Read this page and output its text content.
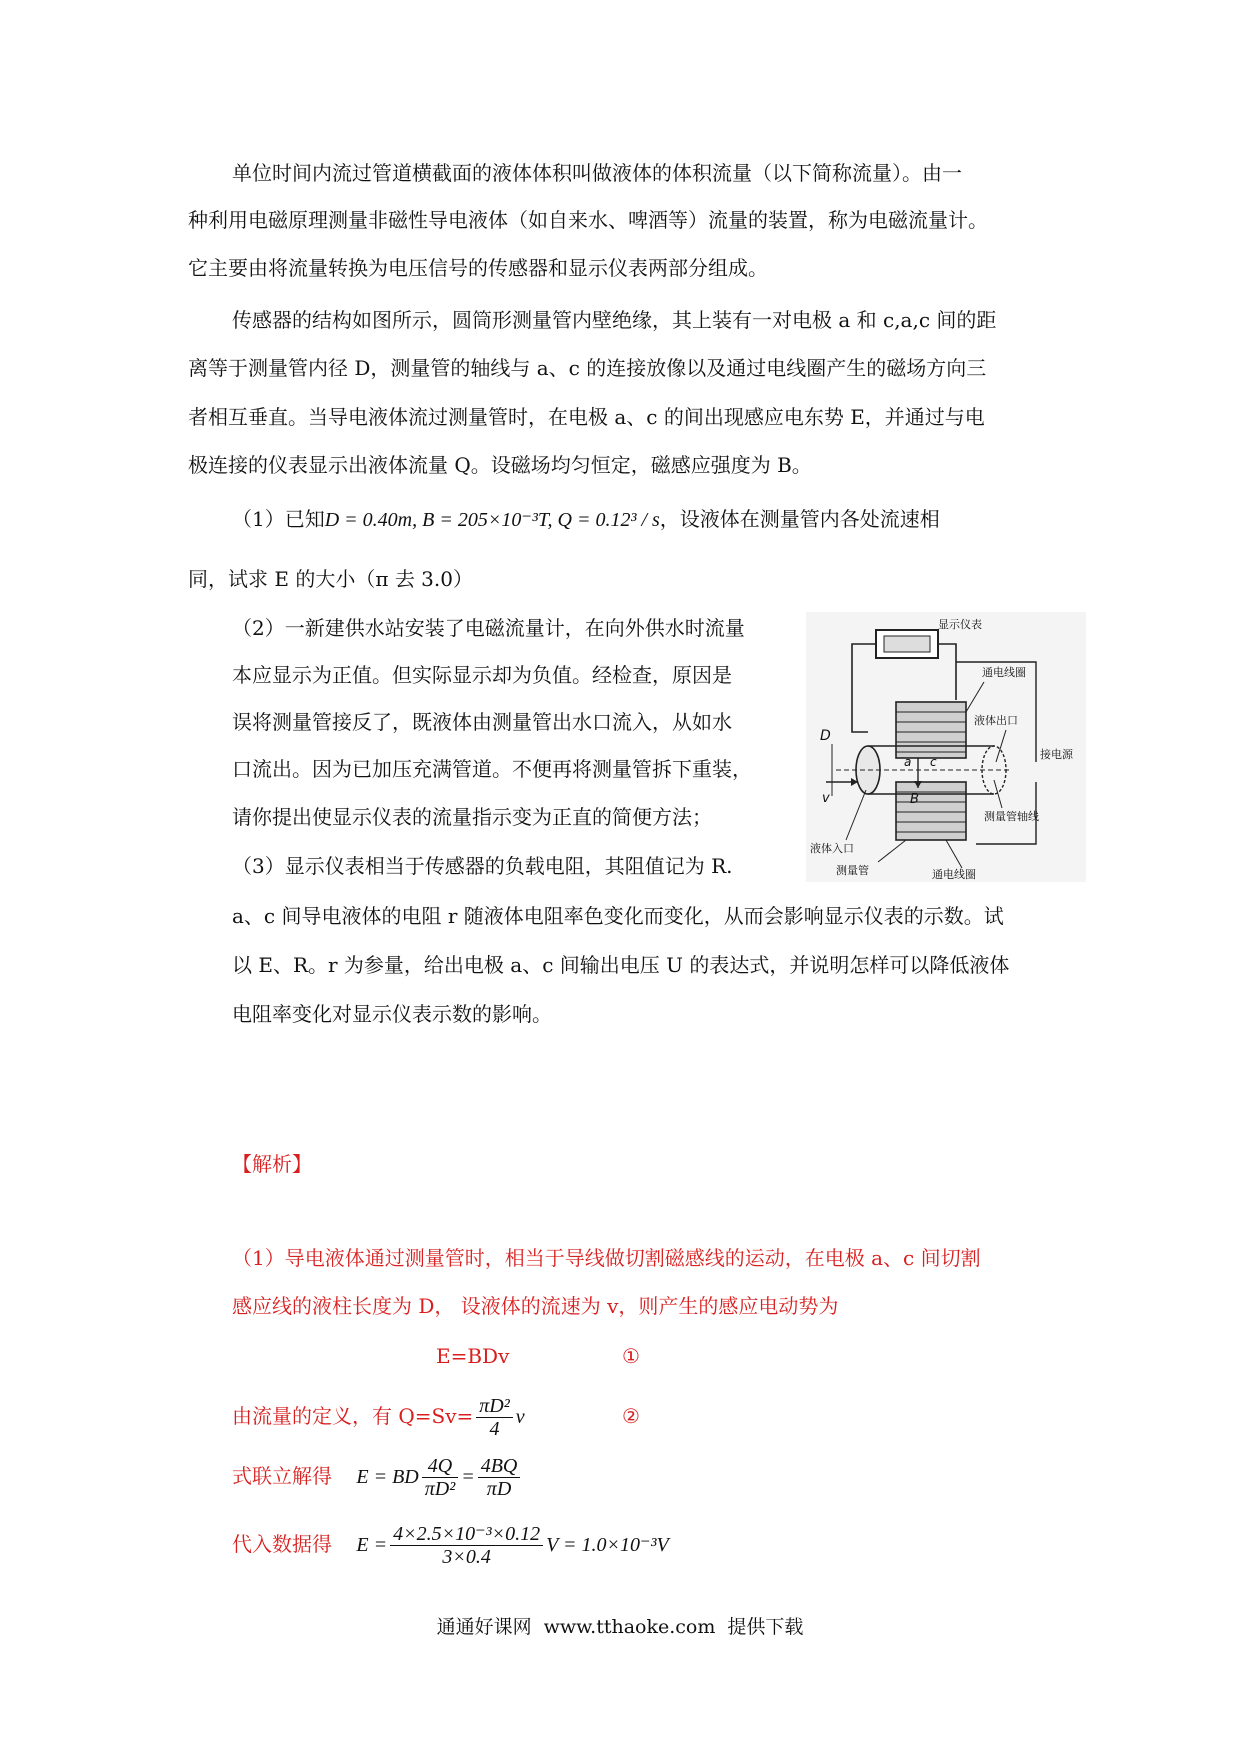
单位时间内流过管道横截面的液体体积叫做液体的体积流量（以下简称流量）。由一
种利用电磁原理测量非磁性导电液体（如自来水、啤酒等）流量的装置，称为电磁流量计。
它主要由将流量转换为电压信号的传感器和显示仪表两部分组成。
传感器的结构如图所示，圆筒形测量管内壁绝缘，其上装有一对电极 a 和 c,a,c 间的距
离等于测量管内径 D，测量管的轴线与 a、c 的连接放像以及通过电线圈产生的磁场方向三
者相互垂直。当导电液体流过测量管时，在电极 a、c 的间出现感应电东势 E，并通过与电
极连接的仪表显示出液体流量 Q。设磁场均匀恒定，磁感应强度为 B。
（1）已知D = 0.40m, B = 205×10⁻³T, Q = 0.12³ / s，设液体在测量管内各处流速相
同，试求 E 的大小（π 去 3.0）
（2）一新建供水站安装了电磁流量计，在向外供水时流量
本应显示为正值。但实际显示却为负值。经检查，原因是
误将测量管接反了，既液体由测量管出水口流入，从如水
口流出。因为已加压充满管道。不便再将测量管拆下重装，
请你提出使显示仪表的流量指示变为正直的简便方法；
（3）显示仪表相当于传感器的负载电阻，其阻值记为 R.
a、c 间导电液体的电阻 r 随液体电阻率色变化而变化，从而会影响显示仪表的示数。试
以 E、R。r 为参量，给出电极 a、c 间输出电压 U 的表达式，并说明怎样可以降低液体
电阻率变化对显示仪表示数的影响。
显示仪表
D
v	B
a c
通电线圈
液体出口
接电源
测量管轴线
液体入口
测量管	通电线圈
【解析】
（1）导电液体通过测量管时，相当于导线做切割磁感线的运动，在电极 a、c 间切割
感应线的液柱长度为 D， 设液体的流速为 v，则产生的感应电动势为
E=BDv	①
由流量的定义，有 $Q=Sv= \frac{\text{πD²}}{4}$ v	②
式联立解得 E = BD $\frac{4Q}{\text{πD²}} = \frac{4BQ}{\pi D}$
代入数据得 $E = \frac{\text{4×2.5×10⁻³×0.12}}{3\times 0.4}$ V = 1.0×10⁻³V
通通好课网 www.tthaoke.com 提供下载
